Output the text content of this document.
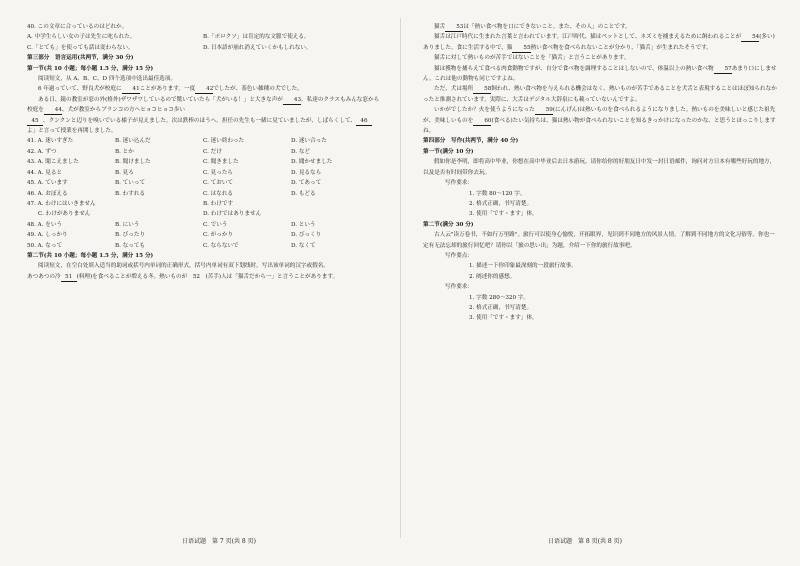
40. この文章に合っているのはどれか。

A. 中学生らしい女の子は先生に叱られた。	B.「ポロクソ」は肯定的な文脈で使える。
C.「とても」を使っても話は変わらない。	D. 日本語が崩れ消えていくかもしれない。

第三部分　语言运用(共两节，满分 30 分)

第一节(共 10 小题；每小题 1.5 分，满分 15 分)

阅读短文，从 A、B、C、D 四个选项中选出最佳选项。

6 年過っていて、野良犬が校庭に 41ことがあります。一度 42でしたが、茶色い雑種の犬でした。

ある日、鏡の教室が窓の外(格外)ザワザワしているので驚いていたら「犬がいる！」と大きな声が 43。私達のクラスもみんな窓から校庭を 44、犬が教室からブランコの方へヒョコヒョコ歩い

45 、クンクンと辺りを嗅いでいる様子が見えました。次は鉄棒のほうへ。担任の先生も一緒に見ていましたが、しばらくして、 46よ」と言って授業を再開しました。

41. A. 迷いすぎた	B. 迷い込んだ	C. 迷い終わった	D. 迷い合った
42. A. ずつ	B. とか	C. だけ	D. など
43. A. 聞こえました	B. 聞けました	C. 聞きました	D. 聞かせました
44. A. 見ると	B. 見ろ	C. 見ったら	D. 見るなら
45. A. ています	B. ていって	C. ておいて	D. てあって
46. A. おぼえる	B. わすれる	C. はなれる	D. もどる
47. A. わけにはいきません	B. わけです
C. わけがありません	D. わけではありません
48. A. をいう	B. にいう	C. でいう	D. という
49. A. しっかり	B. びったり	C. がっかり	D. びっくり
50. A. なって	B. なっても	C. ならないで	D. なくて

第二节(共 10 小题；每小题 1.5 分，满分 15 分)

阅读短文，在空白处填入适当的助词或括号内单词的正确形式，括号内单词有双下划线时，写出该单词的汉字或假名。

あつあつの冷 51 (料理)を食べることが増える冬。熱いものが　52　(苦手)人は「猫舌だから一」と言うことがあります。

猫舌 53は「熱い食べ物を口にできないこと。また、その人」のことです。

猫舌は江戸時代に生まれた言葉と言われています。江戸時代、猫はペットとして、ネズミを捕まえるために飼われることが 54(多い)ありました。食に生活する中で、猫 55熱い食べ物を食べられないことが分かり、「猫舌」が生まれたそうです。

猫舌に対して熱いものが苦手ではないことを「猫舌」と言うことがあります。

猫は獲物を捕らえて食べる肉食動物ですが、自分で食べ物を調理することはしないので、体温以上の熱い食べ物 57あまり口にしません。これは他の動物も同じですよね。

ただ、犬は場所 58飼われ、熱い食べ物を与えられる機会はなく、熱いものが苦手であることを犬舌と表現することはほぼ知られなかったと推測されています。実際に、大舌はデジタル大辞泉にも載っていないんですよ。

いかがでしたか？火を使うようになった 59(にんげん)は熱いものを食べられるようになりました。熱いものを美味しいと感じた祖先が、美味しいものを 60(食べる)たい気持ちは、猫は熱い物が食べられないことを知るきっかけになったのかな、と思うとほっこりしますね。

第四部分　写作(共两节，满分 40 分)

第一节(满分 10 分)

假如你是李明，即将高中毕业，你想在高中毕业后去日本游玩。请你给你的好朋友日中发一封日语邮件，询问对方日本有哪些好玩的地方，以及是否有时间带你去玩。

写作要求：

1. 字数 80～120 字。

2. 格式正确，书写清楚。

3. 使用「です・ます」体。

第二节(满分 30 分)

古人云"读万卷书，不如行万里路"。旅行可以使身心愉悦，开拓眼界，见识到不同地方的风景人情，了解到不同地方的文化习俗等。你也一定有无法忘却的旅行回忆吧？请你以「旅の思い出」为题，介绍一下你的旅行故事吧。

写作要点：

1. 描述一下你印象最深刻的一段旅行故事。

2. 阐述你的感想。

写作要求：

1. 字数 280～320 字。

2. 格式正确，书写清楚。

3. 使用「です・ます」体。

日语试题　第 7 页(共 8 页)	日语试题　第 8 页(共 8 页)
